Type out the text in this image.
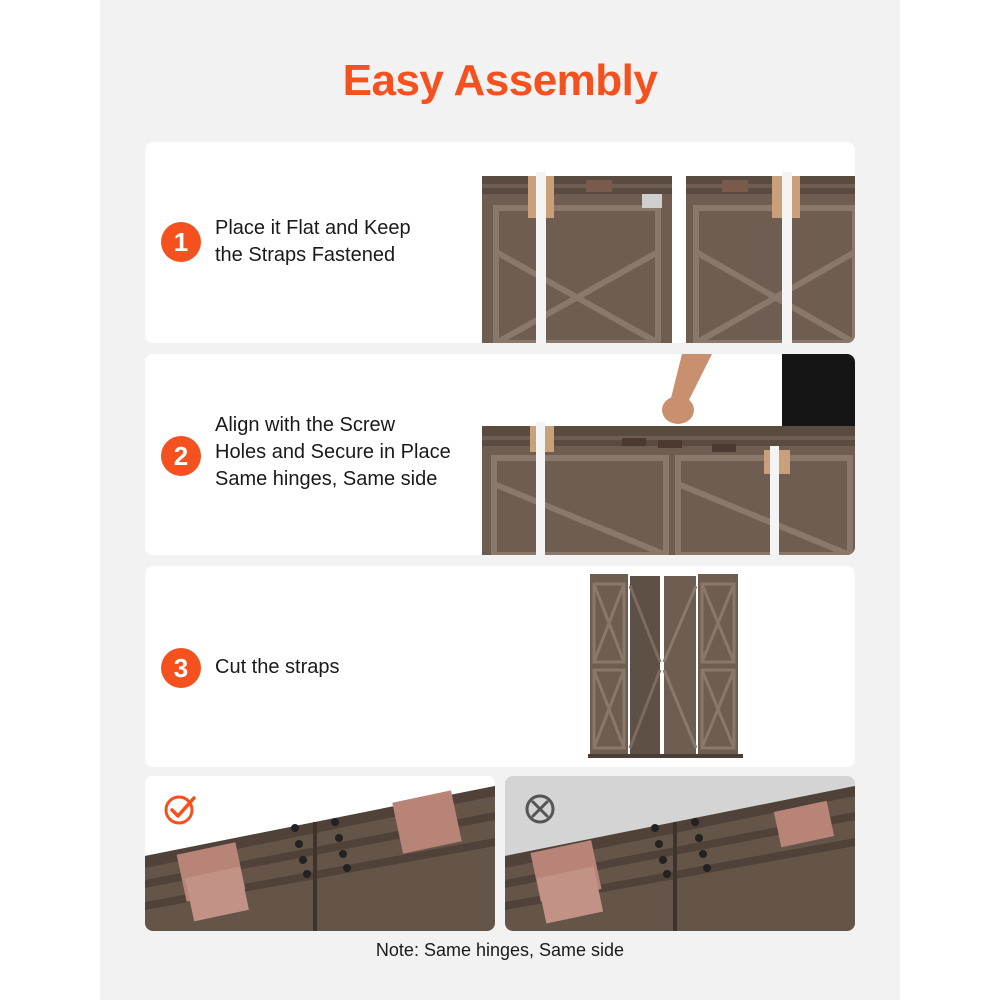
Easy Assembly
1	Place it Flat and Keep
the Straps Fastened
2
Align with the Screw
Holes and Secure in Place
Same hinges, Same side
3	Cut the straps
Note: Same hinges, Same side
